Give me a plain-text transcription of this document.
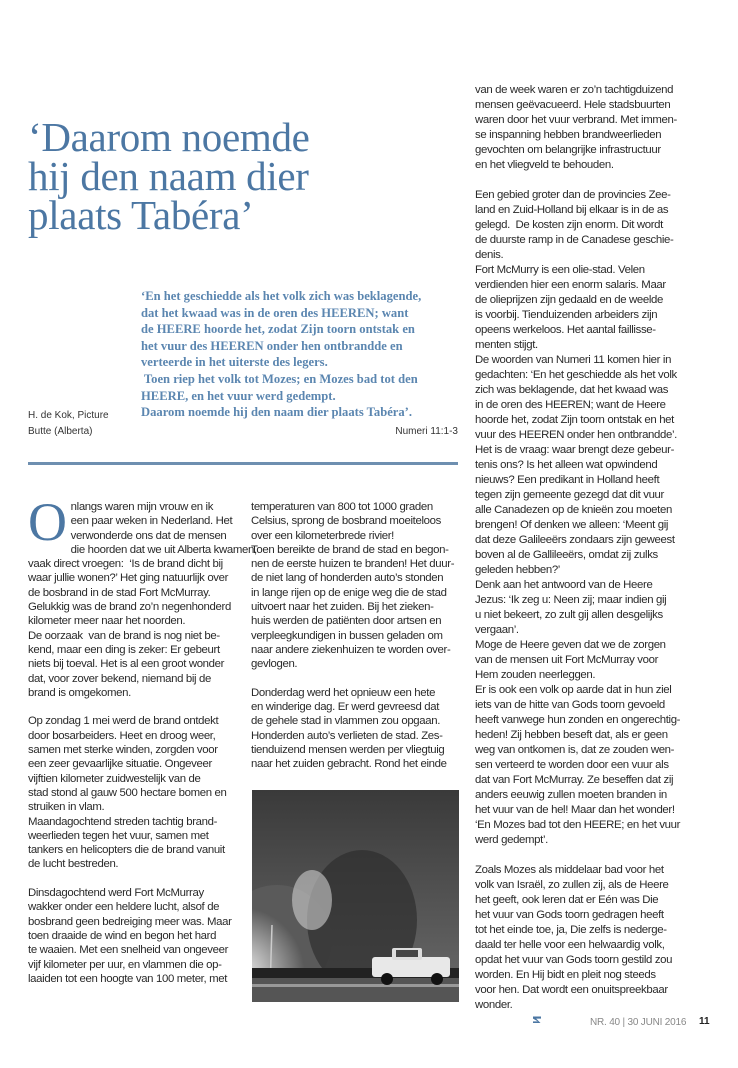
‘Daarom noemde
hij den naam dier
plaats Tabéra’
‘En het geschiedde als het volk zich was beklagende,
dat het kwaad was in de oren des HEEREN; want
de HEERE hoorde het, zodat Zijn toorn ontstak en
het vuur des HEEREN onder hen ontbrandde en
verteerde in het uiterste des legers.
Toen riep het volk tot Mozes; en Mozes bad tot den
HEERE, en het vuur werd gedempt.
Daarom noemde hij den naam dier plaats Tabéra’.
H. de Kok, Picture
Butte (Alberta)	Numeri 11:1-3
O nlangs waren mijn vrouw en ik
een paar weken in Nederland. Het
verwonderde ons dat de mensen
die hoorden dat we uit Alberta kwamen,
vaak direct vroegen:  ‘Is de brand dicht bij
waar jullie wonen?’ Het ging natuurlijk over
de bosbrand in de stad Fort McMurray.
Gelukkig was de brand zo’n negenhonderd
kilometer meer naar het noorden.
De oorzaak  van de brand is nog niet be-
kend, maar een ding is zeker: Er gebeurt
niets bij toeval. Het is al een groot wonder
dat, voor zover bekend, niemand bij de
brand is omgekomen.

Op zondag 1 mei werd de brand ontdekt
door bosarbeiders. Heet en droog weer,
samen met sterke winden, zorgden voor
een zeer gevaarlijke situatie. Ongeveer
vijftien kilometer zuidwestelijk van de
stad stond al gauw 500 hectare bomen en
struiken in vlam.
Maandagochtend streden tachtig brand-
weerlieden tegen het vuur, samen met
tankers en helicopters die de brand vanuit
de lucht bestreden.

Dinsdagochtend werd Fort McMurray
wakker onder een heldere lucht, alsof de
bosbrand geen bedreiging meer was. Maar
toen draaide de wind en begon het hard
te waaien. Met een snelheid van ongeveer
vijf kilometer per uur, en vlammen die op-
laaiden tot een hoogte van 100 meter, met

temperaturen van 800 tot 1000 graden
Celsius, sprong de bosbrand moeiteloos
over een kilometerbrede rivier!
Toen bereikte de brand de stad en begon-
nen de eerste huizen te branden! Het duur-
de niet lang of honderden auto’s stonden
in lange rijen op de enige weg die de stad
uitvoert naar het zuiden. Bij het zieken-
huis werden de patiënten door artsen en
verpleegkundigen in bussen geladen om
naar andere ziekenhuizen te worden over-
gevlogen.

Donderdag werd het opnieuw een hete
en winderige dag. Er werd gevreesd dat
de gehele stad in vlammen zou opgaan.
Honderden auto’s verlieten de stad. Zes-
tienduizend mensen werden per vliegtuig
naar het zuiden gebracht. Rond het einde

van de week waren er zo’n tachtigduizend
mensen geëvacueerd. Hele stadsbuurten
waren door het vuur verbrand. Met immen-
se inspanning hebben brandweerlieden
gevochten om belangrijke infrastructuur
en het vliegveld te behouden.

Een gebied groter dan de provincies Zee-
land en Zuid-Holland bij elkaar is in de as
gelegd.  De kosten zijn enorm. Dit wordt
de duurste ramp in de Canadese geschie-
denis.
Fort McMurry is een olie-stad. Velen
verdienden hier een enorm salaris. Maar
de olieprijzen zijn gedaald en de weelde
is voorbij. Tienduizenden arbeiders zijn
opeens werkeloos. Het aantal faillisse-
menten stijgt.
De woorden van Numeri 11 komen hier in
gedachten: ‘En het geschiedde als het volk
zich was beklagende, dat het kwaad was
in de oren des HEEREN; want de Heere
hoorde het, zodat Zijn toorn ontstak en het
vuur des HEEREN onder hen ontbrandde’.
Het is de vraag: waar brengt deze gebeur-
tenis ons? Is het alleen wat opwindend
nieuws? Een predikant in Holland heeft
tegen zijn gemeente gezegd dat dit vuur
alle Canadezen op de knieën zou moeten
brengen! Of denken we alleen: ‘Meent gij
dat deze Galileeërs zondaars zijn geweest
boven al de Gallileeërs, omdat zij zulks
geleden hebben?’
Denk aan het antwoord van de Heere
Jezus: ‘Ik zeg u: Neen zij; maar indien gij
u niet bekeert, zo zult gij allen desgelijks
vergaan’.
Moge de Heere geven dat we de zorgen
van de mensen uit Fort McMurray voor
Hem zouden neerleggen.
Er is ook een volk op aarde dat in hun ziel
iets van de hitte van Gods toorn gevoeld
heeft vanwege hun zonden en ongerechtig-
heden! Zij hebben beseft dat, als er geen
weg van ontkomen is, dat ze zouden wen-
sen verteerd te worden door een vuur als
dat van Fort McMurray. Ze beseffen dat zij
anders eeuwig zullen moeten branden in
het vuur van de hel! Maar dan het wonder!
‘En Mozes bad tot den HEERE; en het vuur
werd gedempt’.

Zoals Mozes als middelaar bad voor het
volk van Israël, zo zullen zij, als de Heere
het geeft, ook leren dat er Eén was Die
het vuur van Gods toorn gedragen heeft
tot het einde toe, ja, Die zelfs is nederge-
daald ter helle voor een helwaardig volk,
opdat het vuur van Gods toorn gestild zou
worden. En Hij bidt en pleit nog steeds
voor hen. Dat wordt een onuitspreekbaar
wonder.

NR. 40 | 30 JUNI 2016 11
